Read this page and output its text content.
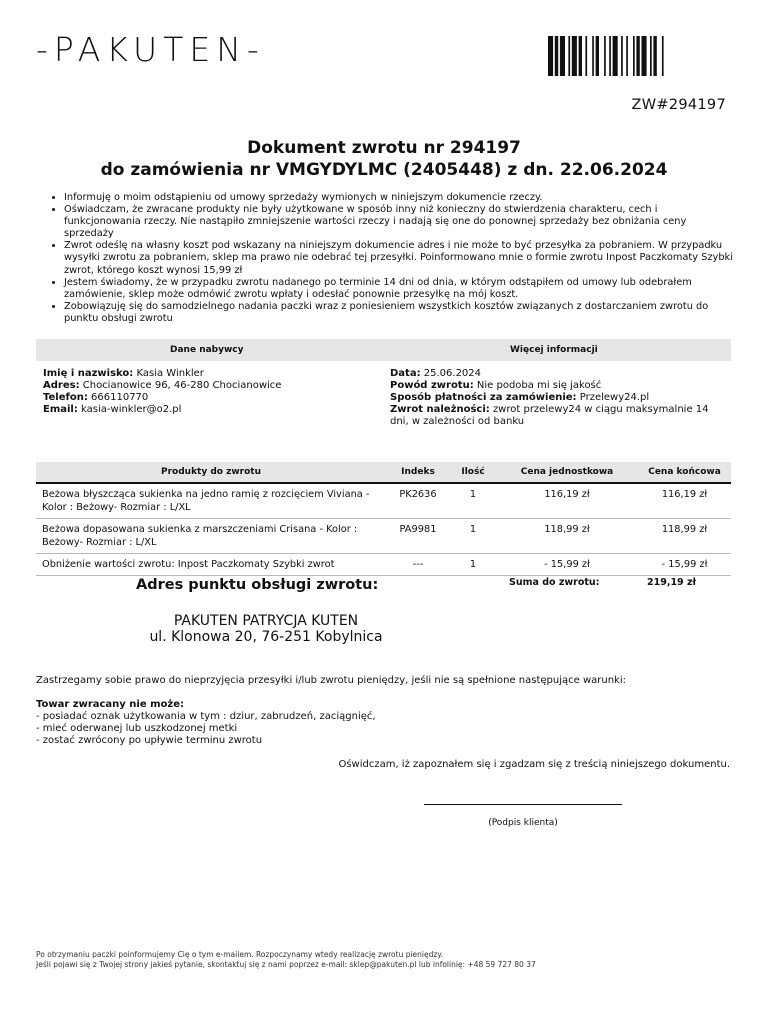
-PAKUTEN-
ZW#294197
Dokument zwrotu nr 294197
do zamówienia nr VMGYDYLMC (2405448) z dn. 22.06.2024
• Informuję o moim odstąpieniu od umowy sprzedaży wymionych w niniejszym dokumencie rzeczy.
• Oświadczam, że zwracane produkty nie były użytkowane w sposób inny niż konieczny do stwierdzenia charakteru, cech i funkcjonowania rzeczy. Nie nastąpiło zmniejszenie wartości rzeczy i nadają się one do ponownej sprzedaży bez obniżania ceny sprzedaży
• Zwrot odeślę na własny koszt pod wskazany na niniejszym dokumencie adres i nie może to być przesyłka za pobraniem. W przypadku wysyłki zwrotu za pobraniem, sklep ma prawo nie odebrać tej przesyłki. Poinformowano mnie o formie zwrotu Inpost Paczkomaty Szybki zwrot, którego koszt wynosi 15,99 zł
• Jestem świadomy, że w przypadku zwrotu nadanego po terminie 14 dni od dnia, w którym odstąpiłem od umowy lub odebrałem zamówienie, sklep może odmówić zwrotu wpłaty i odesłać ponownie przesyłkę na mój koszt.
• Zobowiązuję się do samodzielnego nadania paczki wraz z poniesieniem wszystkich kosztów związanych z dostarczaniem zwrotu do punktu obsługi zwrotu
Dane nabywcy	Więcej informacji
Imię i nazwisko: Kasia Winkler
Adres: Chocianowice 96, 46-280 Chocianowice
Telefon: 666110770
Email: kasia-winkler@o2.pl
Data: 25.06.2024
Powód zwrotu: Nie podoba mi się jakość
Sposób płatności za zamówienie: Przelewy24.pl
Zwrot należności: zwrot przelewy24 w ciągu maksymalnie 14 dni, w zależności od banku
Produkty do zwrotu	Indeks	Ilość	Cena jednostkowa	Cena końcowa
Beżowa błyszcząca sukienka na jedno ramię z rozcięciem Viviana - Kolor : Beżowy- Rozmiar : L/XL	PK2636	1	116,19 zł	116,19 zł
Beżowa dopasowana sukienka z marszczeniami Crisana - Kolor : Beżowy- Rozmiar : L/XL	PA9981	1	118,99 zł	118,99 zł
Obniżenie wartości zwrotu: Inpost Paczkomaty Szybki zwrot	---	1	- 15,99 zł	- 15,99 zł
Adres punktu obsługi zwrotu:	Suma do zwrotu:	219,19 zł
PAKUTEN PATRYCJA KUTEN
ul. Klonowa 20, 76-251 Kobylnica
Zastrzegamy sobie prawo do nieprzyjęcia przesyłki i/lub zwrotu pieniędzy, jeśli nie są spełnione następujące warunki:
Towar zwracany nie może:
- posiadać oznak użytkowania w tym : dziur, zabrudzeń, zaciągnięć,
- mieć oderwanej lub uszkodzonej metki
- zostać zwrócony po upływie terminu zwrotu
Oświdczam, iż zapoznałem się i zgadzam się z treścią niniejszego dokumentu.
(Podpis klienta)
Po otrzymaniu paczki poinformujemy Cię o tym e-mailem. Rozpoczynamy wtedy realizację zwrotu pieniędzy.
Jeśli pojawi się z Twojej strony jakieś pytanie, skontaktuj się z nami poprzez e-mail: sklep@pakuten.pl lub infolinię: +48 59 727 80 37
